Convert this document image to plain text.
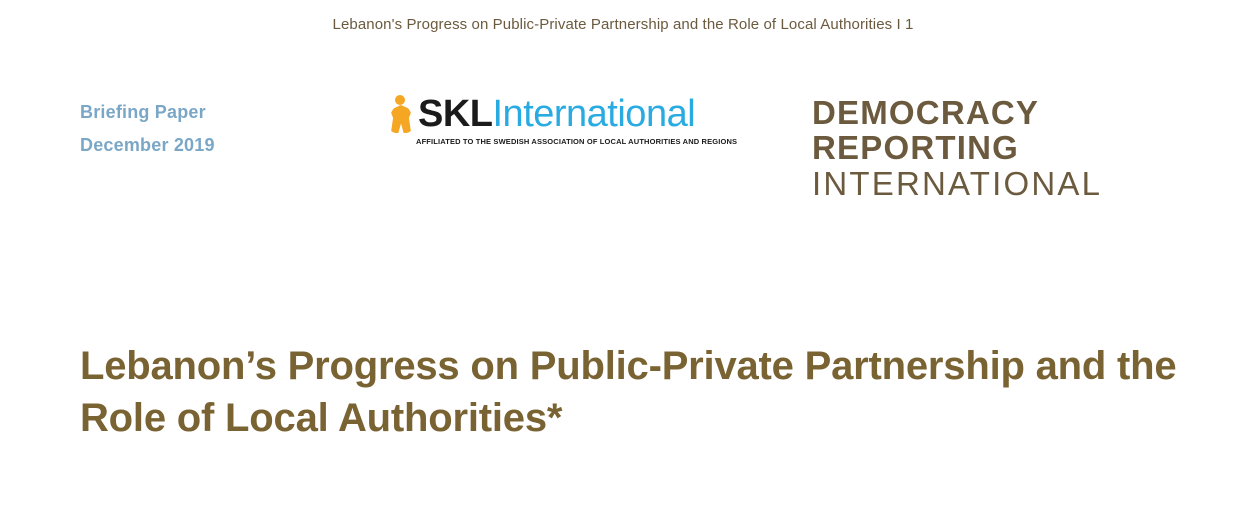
Lebanon's Progress on Public-Private Partnership and the Role of Local Authorities I 1
Briefing Paper
December 2019
SKL International
AFFILIATED TO THE SWEDISH ASSOCIATION OF LOCAL AUTHORITIES AND REGIONS
DEMOCRACY
REPORTING
INTERNATIONAL
Lebanon’s Progress on Public-Private Partnership and the Role of Local Authorities*
